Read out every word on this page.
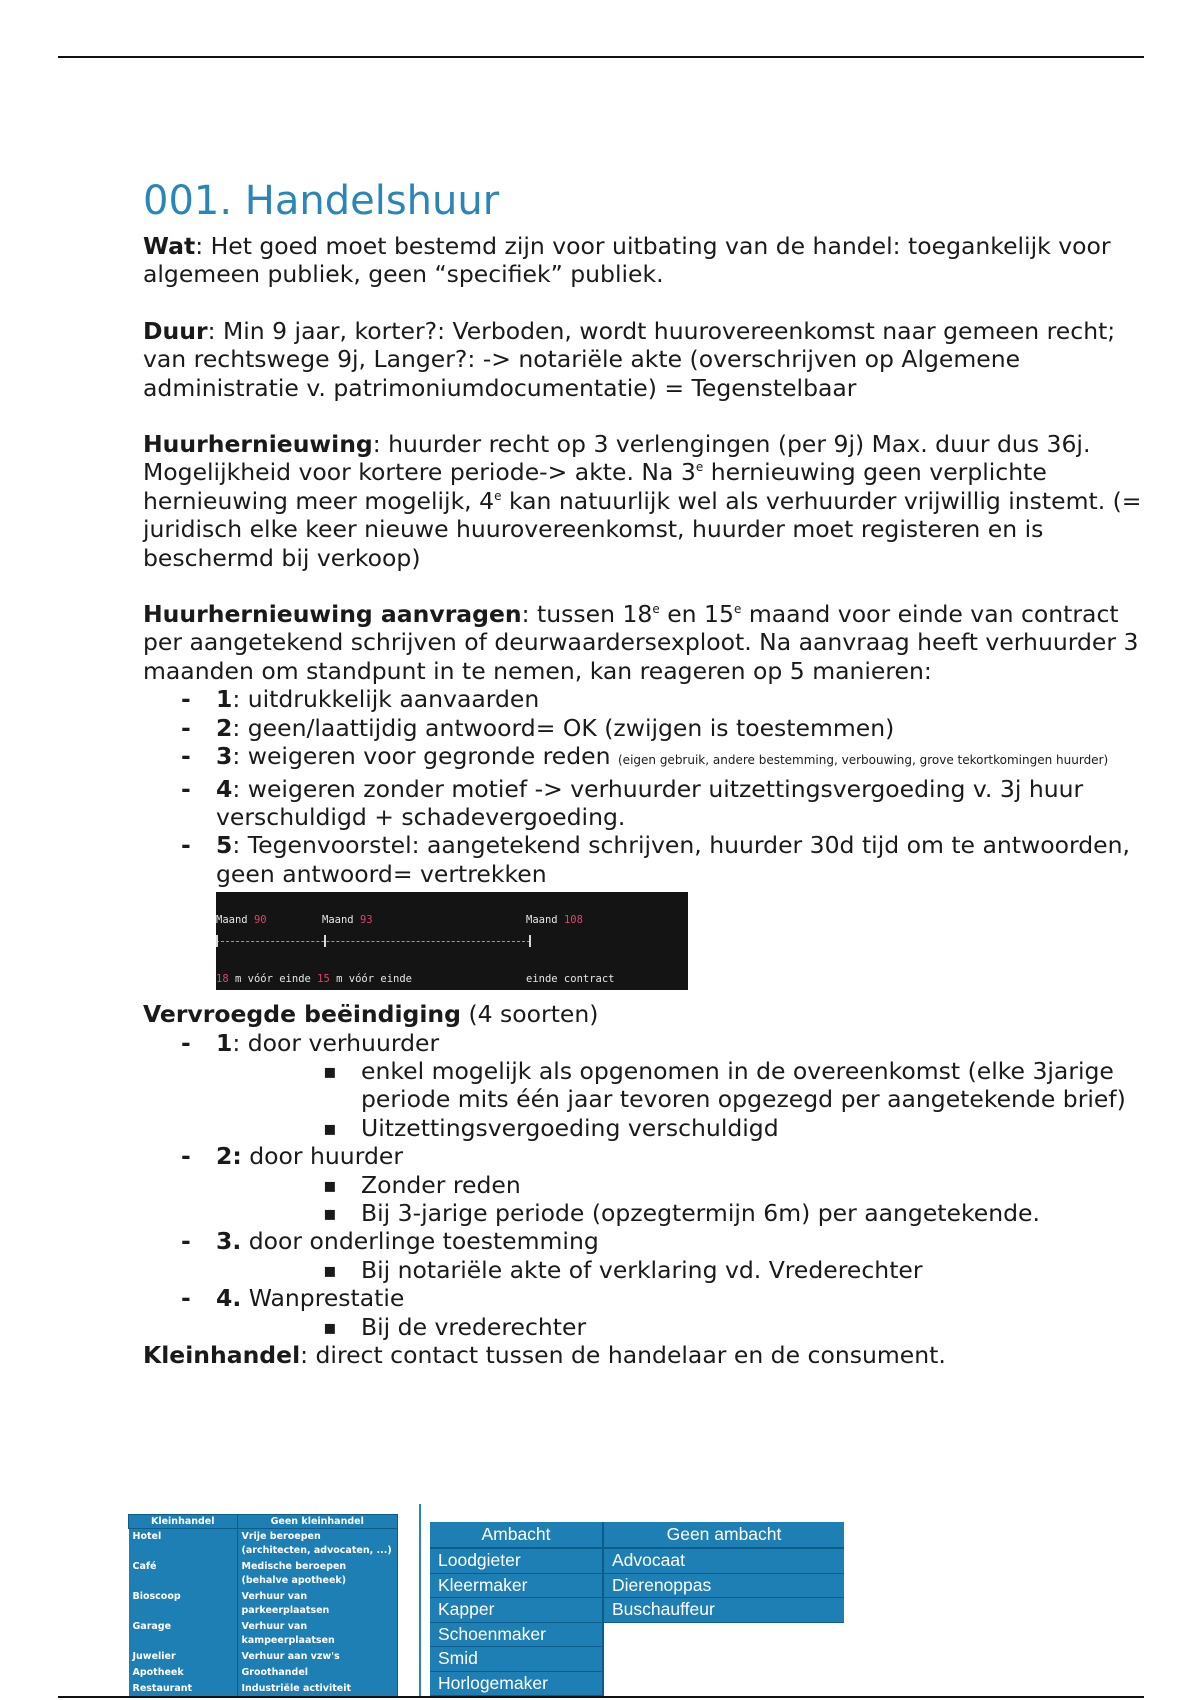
001. Handelshuur

Wat: Het goed moet bestemd zijn voor uitbating van de handel: toegankelijk voor algemeen publiek, geen “specifiek” publiek.

Duur: Min 9 jaar, korter?: Verboden, wordt huurovereenkomst naar gemeen recht; van rechtswege 9j, Langer?: -> notariële akte (overschrijven op Algemene administratie v. patrimoniumdocumentatie) = Tegenstelbaar

Huurhernieuwing: huurder recht op 3 verlengingen (per 9j) Max. duur dus 36j. Mogelijkheid voor kortere periode-> akte. Na 3e hernieuwing geen verplichte hernieuwing meer mogelijk, 4e kan natuurlijk wel als verhuurder vrijwillig instemt. (= juridisch elke keer nieuwe huurovereenkomst, huurder moet registeren en is beschermd bij verkoop)

Huurhernieuwing aanvragen: tussen 18e en 15e maand voor einde van contract per aangetekend schrijven of deurwaardersexploot. Na aanvraag heeft verhuurder 3 maanden om standpunt in te nemen, kan reageren op 5 manieren:

- 1: uitdrukkelijk aanvaarden
- 2: geen/laattijdig antwoord= OK (zwijgen is toestemmen)
- 3: weigeren voor gegronde reden (eigen gebruik, andere bestemming, verbouwing, grove tekortkomingen huurder)
- 4: weigeren zonder motief -> verhuurder uitzettingsvergoeding v. 3j huur verschuldigd + schadevergoeding.
- 5: Tegenvoorstel: aangetekend schrijven, huurder 30d tijd om te antwoorden, geen antwoord= vertrekken
Maand 90	Maand 93	Maand 108
18 m vóór einde 15 m vóór einde	einde contract

Vervroegde beëindiging (4 soorten)

- 1: door verhuurder
▪ enkel mogelijk als opgenomen in de overeenkomst (elke 3jarige periode mits één jaar tevoren opgezegd per aangetekende brief)
▪ Uitzettingsvergoeding verschuldigd
- 2: door huurder
▪ Zonder reden
▪ Bij 3-jarige periode (opzegtermijn 6m) per aangetekende.
- 3. door onderlinge toestemming
▪ Bij notariële akte of verklaring vd. Vrederechter
- 4. Wanprestatie
▪ Bij de vrederechter

Kleinhandel: direct contact tussen de handelaar en de consument.

Kleinhandel	Geen kleinhandel
Hotel	Vrije beroepen (architecten, advocaten, ...)
Café	Medische beroepen (behalve apotheek)
Bioscoop	Verhuur van parkeerplaatsen
Garage	Verhuur van kampeerplaatsen
Juwelier	Verhuur aan vzw's
Apotheek	Groothandel
Restaurant	Industriële activiteit
Ambacht	Geen ambacht
Loodgieter	Advocaat
Kleermaker	Dierenoppas
Kapper	Buschauffeur
Schoenmaker	
Smid	
Horlogemaker	
